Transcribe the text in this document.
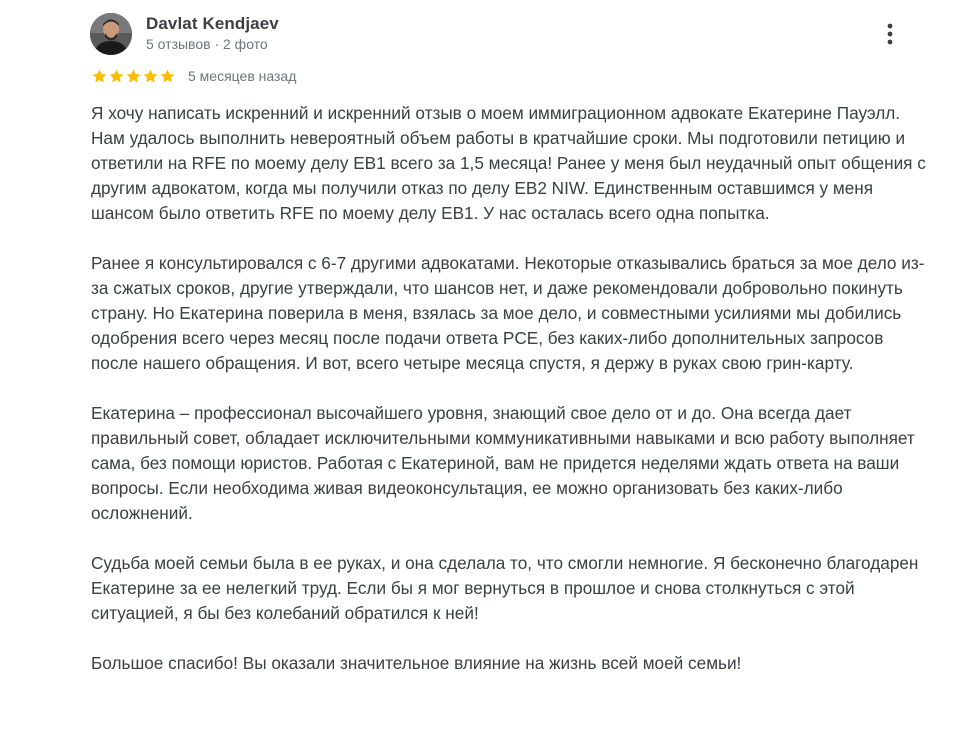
Davlat Kendjaev
5 отзывов · 2 фото
5 месяцев назад

Я хочу написать искренний и искренний отзыв о моем иммиграционном адвокате Екатерине Пауэлл. Нам удалось выполнить невероятный объем работы в кратчайшие сроки. Мы подготовили петицию и ответили на RFE по моему делу EB1 всего за 1,5 месяца! Ранее у меня был неудачный опыт общения с другим адвокатом, когда мы получили отказ по делу EB2 NIW. Единственным оставшимся у меня шансом было ответить RFE по моему делу EB1. У нас осталась всего одна попытка.

Ранее я консультировался с 6-7 другими адвокатами. Некоторые отказывались браться за мое дело из-за сжатых сроков, другие утверждали, что шансов нет, и даже рекомендовали добровольно покинуть страну. Но Екатерина поверила в меня, взялась за мое дело, и совместными усилиями мы добились одобрения всего через месяц после подачи ответа PCE, без каких-либо дополнительных запросов после нашего обращения. И вот, всего четыре месяца спустя, я держу в руках свою грин-карту.

Екатерина – профессионал высочайшего уровня, знающий свое дело от и до. Она всегда дает правильный совет, обладает исключительными коммуникативными навыками и всю работу выполняет сама, без помощи юристов. Работая с Екатериной, вам не придется неделями ждать ответа на ваши вопросы. Если необходима живая видеоконсультация, ее можно организовать без каких-либо осложнений.

Судьба моей семьи была в ее руках, и она сделала то, что смогли немногие. Я бесконечно благодарен Екатерине за ее нелегкий труд. Если бы я мог вернуться в прошлое и снова столкнуться с этой ситуацией, я бы без колебаний обратился к ней!

Большое спасибо! Вы оказали значительное влияние на жизнь всей моей семьи!
